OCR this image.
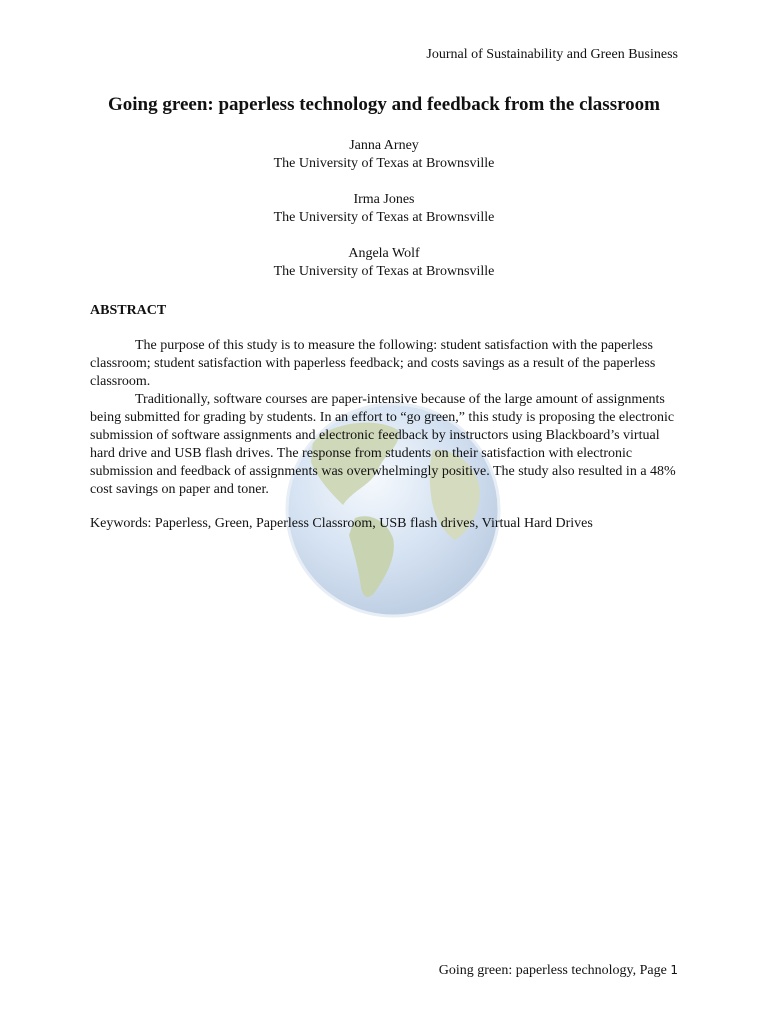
Journal of Sustainability and Green Business
Going green: paperless technology and feedback from the classroom
Janna Arney
The University of Texas at Brownsville
Irma Jones
The University of Texas at Brownsville
Angela Wolf
The University of Texas at Brownsville
ABSTRACT

The purpose of this study is to measure the following: student satisfaction with the paperless classroom; student satisfaction with paperless feedback; and costs savings as a result of the paperless classroom.

Traditionally, software courses are paper-intensive because of the large amount of assignments being submitted for grading by students. In an effort to “go green,” this study is proposing the electronic submission of software assignments and electronic feedback by instructors using Blackboard’s virtual hard drive and USB flash drives. The response from students on their satisfaction with electronic submission and feedback of assignments was overwhelmingly positive. The study also resulted in a 48% cost savings on paper and toner.

Keywords: Paperless, Green, Paperless Classroom, USB flash drives, Virtual Hard Drives
Going green: paperless technology, Page 1
